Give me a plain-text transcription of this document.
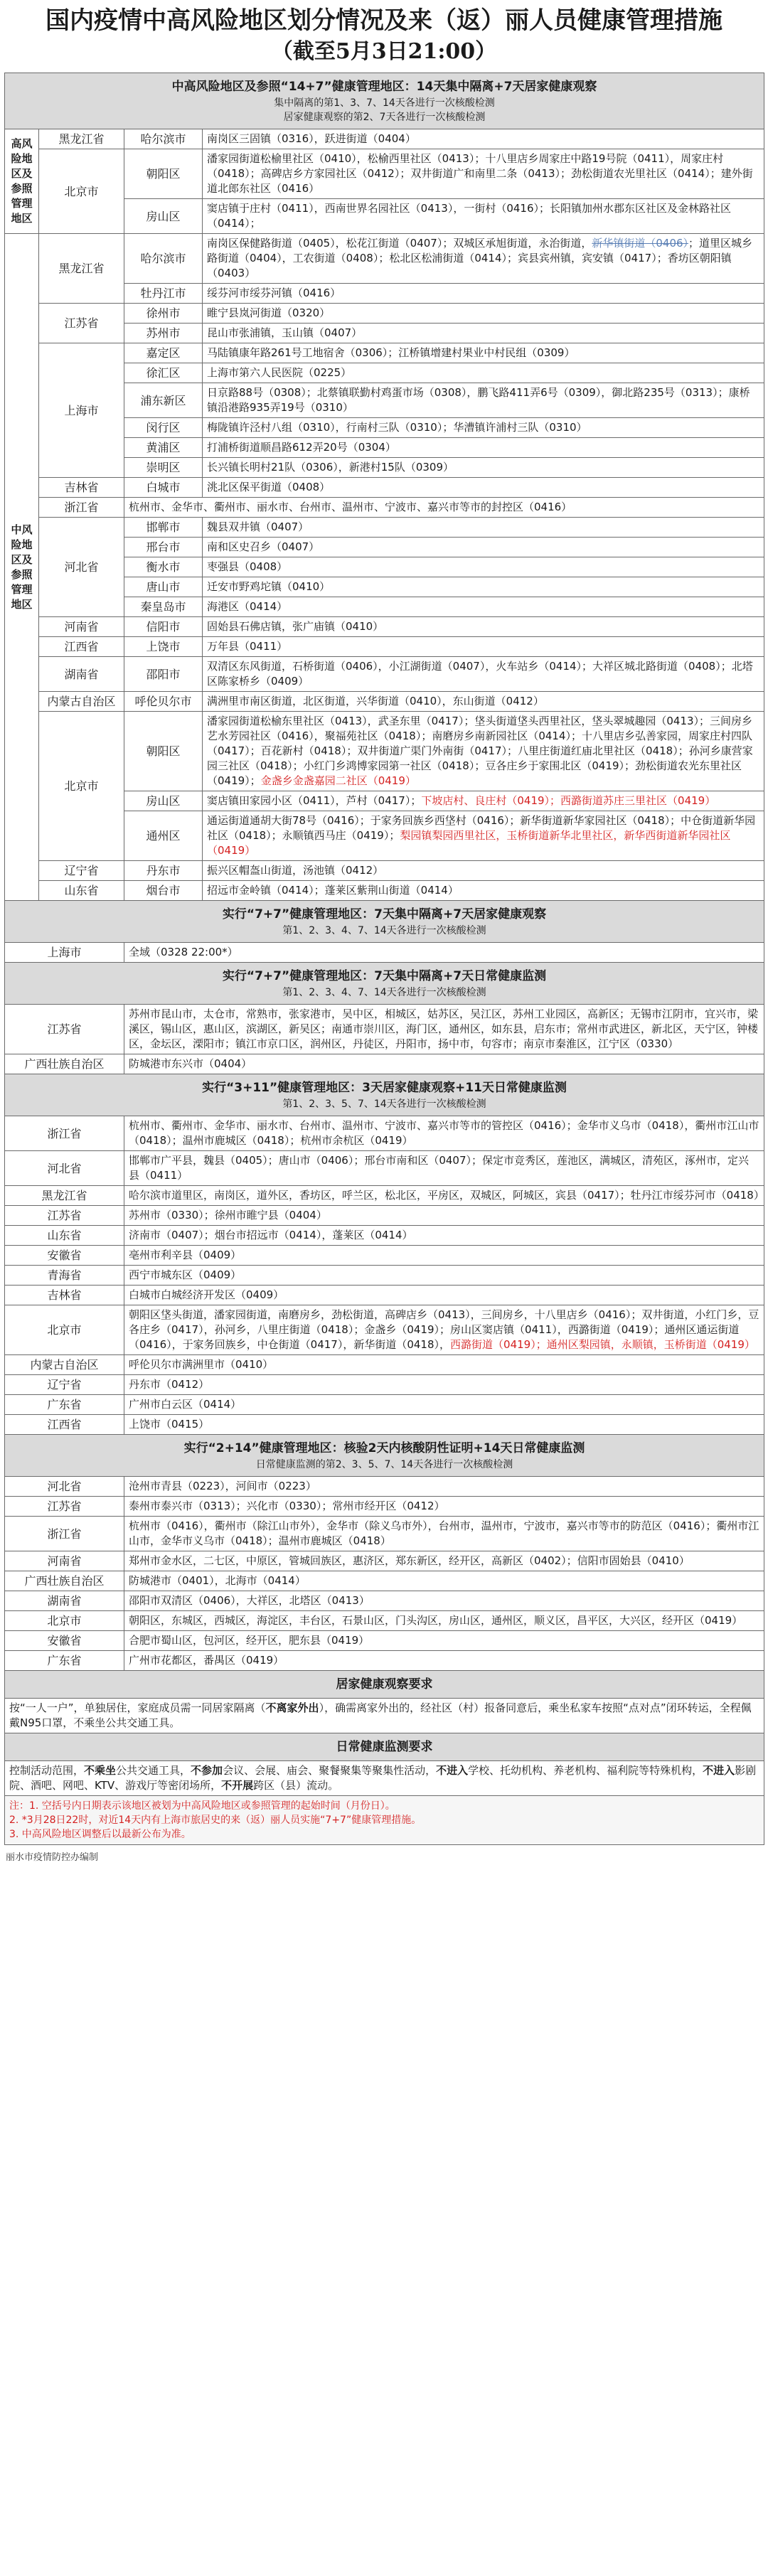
国内疫情中高风险地区划分情况及来（返）丽人员健康管理措施
（截至5月3日21:00）
中高风险地区及参照“14+7”健康管理地区：14天集中隔离+7天居家健康观察
集中隔离的第1、3、7、14天各进行一次核酸检测
居家健康观察的第2、7天各进行一次核酸检测			

高风险地区及参照管理地区	黑龙江省	哈尔滨市	南岗区三固镇（0316），跃进街道（0404）
	北京市	朝阳区	潘家园街道松榆里社区（0410），松榆西里社区（0413）；十八里店乡周家庄中路19号院（0411），周家庄村（0418）；高碑店乡方家园社区（0412）；双井街道广和南里二条（0413）；劲松街道农光里社区（0414）；建外街道北郎东社区（0416）
		房山区	窦店镇于庄村（0411），西南世界名园社区（0413），一街村（0416）；长阳镇加州水郡东区社区及金林路社区（0414）；
中风险地区及参照管理地区	黑龙江省	哈尔滨市	南岗区保健路街道（0405），松花江街道（0407）；双城区承旭街道，永治街道，新华镇街道（0406）；道里区城乡路街道（0404），工农街道（0408）；松北区松浦街道（0414）；宾县宾州镇，宾安镇（0417）；香坊区朝阳镇（0403）
		牡丹江市	绥芬河市绥芬河镇（0416）
	江苏省	徐州市	睢宁县岚河街道（0320）
		苏州市	昆山市张浦镇，玉山镇（0407）
	上海市	嘉定区	马陆镇康年路261号工地宿舍（0306）；江桥镇增建村果业中村民组（0309）
		徐汇区	上海市第六人民医院（0225）
		浦东新区	日京路88号（0308）；北蔡镇联勤村鸡蛋市场（0308），鹏飞路411弄6号（0309），御北路235号（0313）；康桥镇沿港路935弄19号（0310）
		闵行区	梅陇镇许泾村八组（0310），行南村三队（0310）；华漕镇许浦村三队（0310）
		黄浦区	打浦桥街道顺昌路612弄20号（0304）
		崇明区	长兴镇长明村21队（0306），新港村15队（0309）
	吉林省	白城市	洮北区保平街道（0408）
	浙江省	杭州市、金华市、衢州市、丽水市、台州市、温州市、宁波市、嘉兴市等市的封控区（0416）	
	河北省	邯郸市	魏县双井镇（0407）
		邢台市	南和区史召乡（0407）
		衡水市	枣强县（0408）
		唐山市	迁安市野鸡坨镇（0410）
		秦皇岛市	海港区（0414）
	河南省	信阳市	固始县石佛店镇，张广庙镇（0410）
	江西省	上饶市	万年县（0411）
	湖南省	邵阳市	双清区东风街道，石桥街道（0406），小江湖街道（0407），火车站乡（0414）；大祥区城北路街道（0408）；北塔区陈家桥乡（0409）
	内蒙古自治区	呼伦贝尔市	满洲里市南区街道，北区街道，兴华街道（0410），东山街道（0412）
	北京市	朝阳区	潘家园街道松榆东里社区（0413），武圣东里（0417）；垡头街道垡头西里社区，垡头翠城趣园（0413）；三间房乡艺水芳园社区（0416），聚福苑社区（0418）；南磨房乡南新园社区（0414）；十八里店乡弘善家园，周家庄村四队（0417）；百花新村（0418）；双井街道广渠门外南街（0417）；八里庄街道红庙北里社区（0418）；孙河乡康营家园三社区（0418）；小红门乡鸿博家园第一社区（0418）；豆各庄乡于家围北区（0419）；劲松街道农光东里社区（0419）；金盏乡金盏嘉园二社区（0419）
		房山区	窦店镇田家园小区（0411），芦村（0417）；下坡店村、良庄村（0419）；西潞街道苏庄三里社区（0419）
		通州区	通运街道通胡大街78号（0416）；于家务回族乡西垡村（0416）；新华街道新华家园社区（0418）；中仓街道新华园社区（0418）；永顺镇西马庄（0419）；梨园镇梨园西里社区，玉桥街道新华北里社区，新华西街道新华园社区（0419）
	辽宁省	丹东市	振兴区帽盔山街道，汤池镇（0412）
	山东省	烟台市	招远市金岭镇（0414）；蓬莱区紫荆山街道（0414）

实行“7+7”健康管理地区：7天集中隔离+7天居家健康观察
第1、2、3、4、7、14天各进行一次核酸检测			

上海市		全域（0328 22:00*）	

实行“7+7”健康管理地区：7天集中隔离+7天日常健康监测
第1、2、3、4、7、14天各进行一次核酸检测			

江苏省		苏州市昆山市，太仓市，常熟市，张家港市，吴中区，相城区，姑苏区，吴江区，苏州工业园区，高新区；无锡市江阴市，宜兴市，梁溪区，锡山区，惠山区，滨湖区，新吴区；南通市崇川区，海门区，通州区，如东县，启东市；常州市武进区，新北区，天宁区，钟楼区，金坛区，溧阳市；镇江市京口区，润州区，丹徒区，丹阳市，扬中市，句容市；南京市秦淮区，江宁区（0330）	
广西壮族自治区		防城港市东兴市（0404）	

实行“3+11”健康管理地区：3天居家健康观察+11天日常健康监测
第1、2、3、5、7、14天各进行一次核酸检测			

浙江省		杭州市、衢州市、金华市、丽水市、台州市、温州市、宁波市、嘉兴市等市的管控区（0416）；金华市义乌市（0418），衢州市江山市（0418）；温州市鹿城区（0418）；杭州市余杭区（0419）	
河北省		邯郸市广平县，魏县（0405）；唐山市（0406）；邢台市南和区（0407）；保定市竞秀区，莲池区，满城区，清苑区，涿州市，定兴县（0411）	
黑龙江省		哈尔滨市道里区，南岗区，道外区，香坊区，呼兰区，松北区，平房区，双城区，阿城区，宾县（0417）；牡丹江市绥芬河市（0418）	
江苏省		苏州市（0330）；徐州市睢宁县（0404）	
山东省		济南市（0407）；烟台市招远市（0414），蓬莱区（0414）	
安徽省		亳州市利辛县（0409）	
青海省		西宁市城东区（0409）	
吉林省		白城市白城经济开发区（0409）	
北京市		朝阳区垡头街道，潘家园街道，南磨房乡，劲松街道，高碑店乡（0413），三间房乡，十八里店乡（0416）；双井街道，小红门乡，豆各庄乡（0417），孙河乡，八里庄街道（0418）；金盏乡（0419）；房山区窦店镇（0411），西潞街道（0419）；通州区通运街道（0416），于家务回族乡，中仓街道（0417），新华街道（0418），西潞街道（0419）；通州区梨园镇，永顺镇，玉桥街道（0419）	
内蒙古自治区		呼伦贝尔市满洲里市（0410）	
辽宁省		丹东市（0412）	
广东省		广州市白云区（0414）	
江西省		上饶市（0415）	

实行“2+14”健康管理地区：核验2天内核酸阴性证明+14天日常健康监测
日常健康监测的第2、3、5、7、14天各进行一次核酸检测			

河北省		沧州市青县（0223），河间市（0223）	
江苏省		泰州市泰兴市（0313）；兴化市（0330）；常州市经开区（0412）	
浙江省		杭州市（0416），衢州市（除江山市外），金华市（除义乌市外），台州市，温州市，宁波市，嘉兴市等市的防范区（0416）；衢州市江山市，金华市义乌市（0418）；温州市鹿城区（0418）	
河南省		郑州市金水区，二七区，中原区，管城回族区，惠济区，郑东新区，经开区，高新区（0402）；信阳市固始县（0410）	
广西壮族自治区		防城港市（0401），北海市（0414）	
湖南省		邵阳市双清区（0406），大祥区，北塔区（0413）	
北京市		朝阳区，东城区，西城区，海淀区，丰台区，石景山区，门头沟区，房山区，通州区，顺义区，昌平区，大兴区，经开区（0419）	
安徽省		合肥市蜀山区，包河区，经开区，肥东县（0419）	
广东省		广州市花都区，番禺区（0419）	

居家健康观察要求			

按“一人一户”，单独居住，家庭成员需一同居家隔离（不离家外出），确需离家外出的，经社区（村）报备同意后，乘坐私家车按照“点对点”闭环转运，全程佩戴N95口罩，不乘坐公共交通工具。			

日常健康监测要求			

控制活动范围，不乘坐公共交通工具，不参加会议、会展、庙会、聚餐聚集等聚集性活动，不进入学校、托幼机构、养老机构、福利院等特殊机构，不进入影剧院、酒吧、网吧、KTV、游戏厅等密闭场所，不开展跨区（县）流动。			

注：1. 空括号内日期表示该地区被划为中高风险地区或参照管理的起始时间（月份日）。
2. *3月28日22时，对近14天内有上海市旅居史的来（返）丽人员实施“7+7”健康管理措施。
3. 中高风险地区调整后以最新公布为准。			
丽水市疫情防控办编制
